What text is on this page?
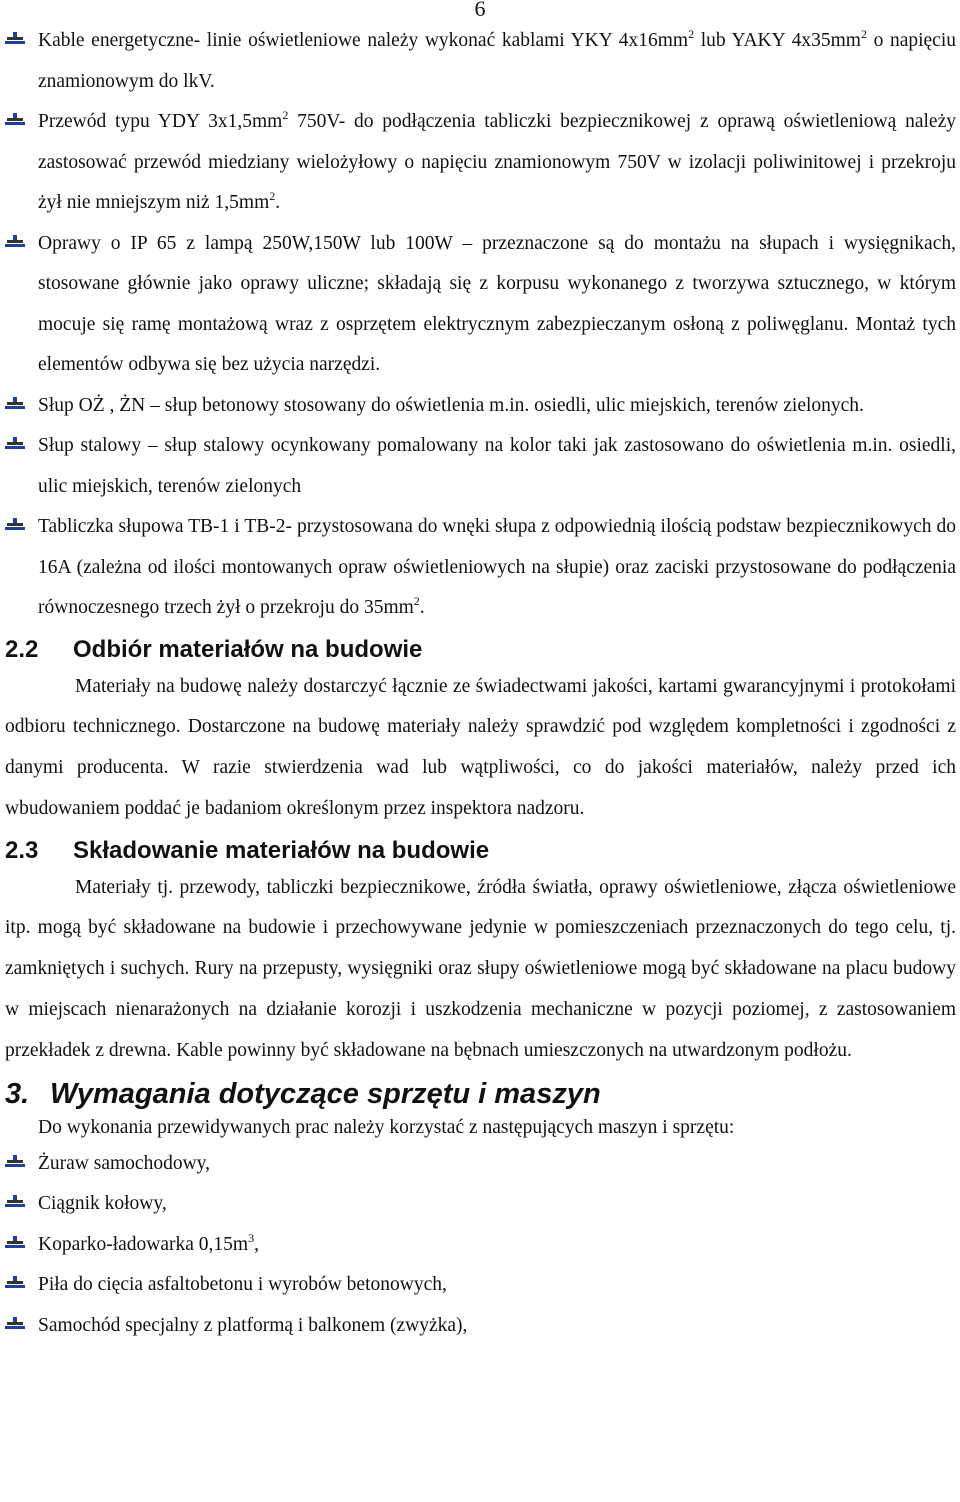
6
Kable energetyczne- linie oświetleniowe należy wykonać kablami YKY $4x16mm^2$ lub YAKY $4x35mm^2$ o napięciu znamionowym do lkV.
Przewód typu YDY $3x1,5mm^2$ 750V- do podłączenia tabliczki bezpiecznikowej z oprawą oświetleniową należy zastosować przewód miedziany wielożyłowy o napięciu znamionowym 750V w izolacji poliwinitowej i przekroju żył nie mniejszym niż $1,5mm^2$.
Oprawy o IP 65 z lampą 250W,150W lub 100W – przeznaczone są do montażu na słupach i wysięgnikach, stosowane głównie jako oprawy uliczne; składają się z korpusu wykonanego z tworzywa sztucznego, w którym mocuje się ramę montażową wraz z osprzętem elektrycznym zabezpieczanym osłoną z poliwęglanu. Montaż tych elementów odbywa się bez użycia narzędzi.
Słup OŻ , ŻN – słup betonowy stosowany do oświetlenia m.in. osiedli, ulic miejskich, terenów zielonych.
Słup stalowy – słup stalowy ocynkowany pomalowany na kolor taki jak zastosowano do oświetlenia m.in. osiedli, ulic miejskich, terenów zielonych
Tabliczka słupowa TB-1 i TB-2- przystosowana do wnęki słupa z odpowiednią ilością podstaw bezpiecznikowych do 16A (zależna od ilości montowanych opraw oświetleniowych na słupie) oraz zaciski przystosowane do podłączenia równoczesnego trzech żył o przekroju do $35mm^2$.
2.2 Odbiór materiałów na budowie
Materiały na budowę należy dostarczyć łącznie ze świadectwami jakości, kartami gwarancyjnymi i protokołami odbioru technicznego. Dostarczone na budowę materiały należy sprawdzić pod względem kompletności i zgodności z danymi producenta. W razie stwierdzenia wad lub wątpliwości, co do jakości materiałów, należy przed ich wbudowaniem poddać je badaniom określonym przez inspektora nadzoru.
2.3 Składowanie materiałów na budowie
Materiały tj. przewody, tabliczki bezpiecznikowe, źródła światła, oprawy oświetleniowe, złącza oświetleniowe itp. mogą być składowane na budowie i przechowywane jedynie w pomieszczeniach przeznaczonych do tego celu, tj. zamkniętych i suchych. Rury na przepusty, wysięgniki oraz słupy oświetleniowe mogą być składowane na placu budowy w miejscach nienarażonych na działanie korozji i uszkodzenia mechaniczne w pozycji poziomej, z zastosowaniem przekładek z drewna. Kable powinny być składowane na bębnach umieszczonych na utwardzonym podłożu.
3. Wymagania dotyczące sprzętu i maszyn
Do wykonania przewidywanych prac należy korzystać z następujących maszyn i sprzętu:
Żuraw samochodowy,
Ciągnik kołowy,
Koparko-ładowarka $0,15m^3$,
Piła do cięcia asfaltobetonu i wyrobów betonowych,
Samochód specjalny z platformą i balkonem (zwyżka),
